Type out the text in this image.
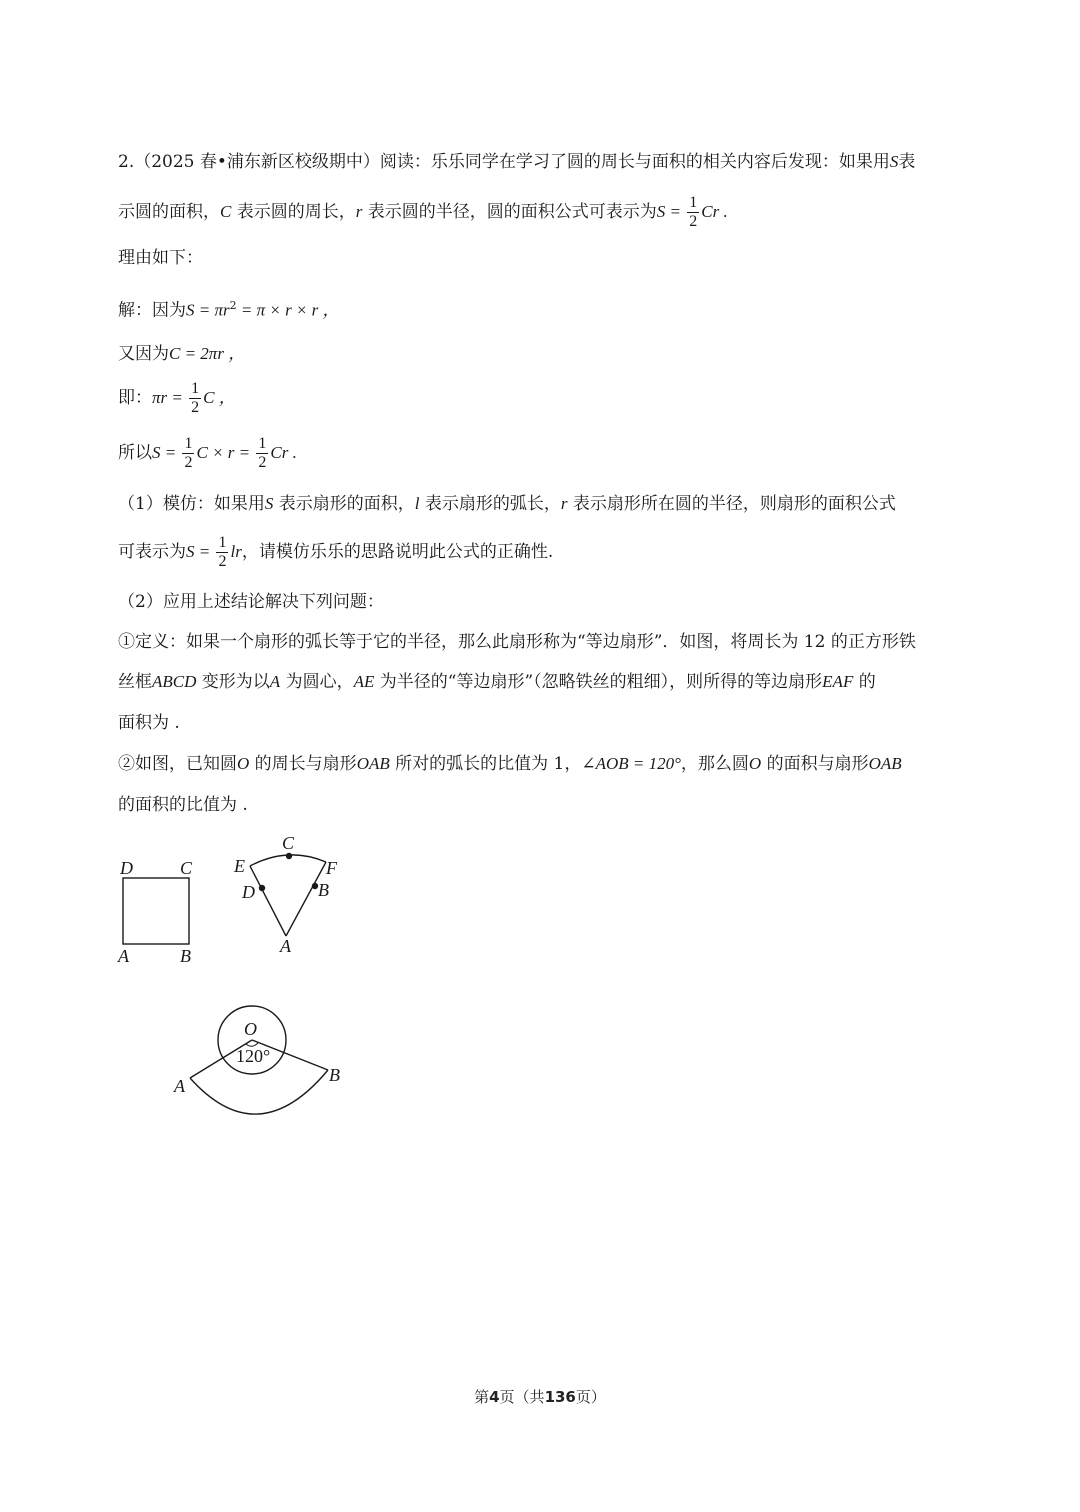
2.（2025 春•浦东新区校级期中）阅读：乐乐同学在学习了圆的周长与面积的相关内容后发现：如果用S表
示圆的面积，C 表示圆的周长，r 表示圆的半径，圆的面积公式可表示为$S = \frac{1}{2}$ Cr .
理由如下：
解：因为$S = \pi r^2 = \pi \times r \times r$ ，
又因为C = 2πr ，
即：$\pi r = \frac{1}{2}$ C ，
所以$S = \frac{1}{2}$ $C \times r = \frac{1}{2}$ Cr .
（1）模仿：如果用S 表示扇形的面积，l 表示扇形的弧长，r 表示扇形所在圆的半径，则扇形的面积公式
可表示为$S = \frac{1}{2}$ lr，请模仿乐乐的思路说明此公式的正确性.
（2）应用上述结论解决下列问题：
①定义：如果一个扇形的弧长等于它的半径，那么此扇形称为“等边扇形”．如图，将周长为 12 的正方形铁
丝框ABCD 变形为以A 为圆心，AE 为半径的“等边扇形”（忽略铁丝的粗细），则所得的等边扇形EAF 的
面积为 .
②如图，已知圆O 的周长与扇形OAB 所对的弧长的比值为 1，∠AOB = 120°，那么圆O 的面积与扇形OAB
的面积的比值为 .
D	C
A	B
C
E	F
D	B
A
O
120°
A
B
第4页（共136页）
